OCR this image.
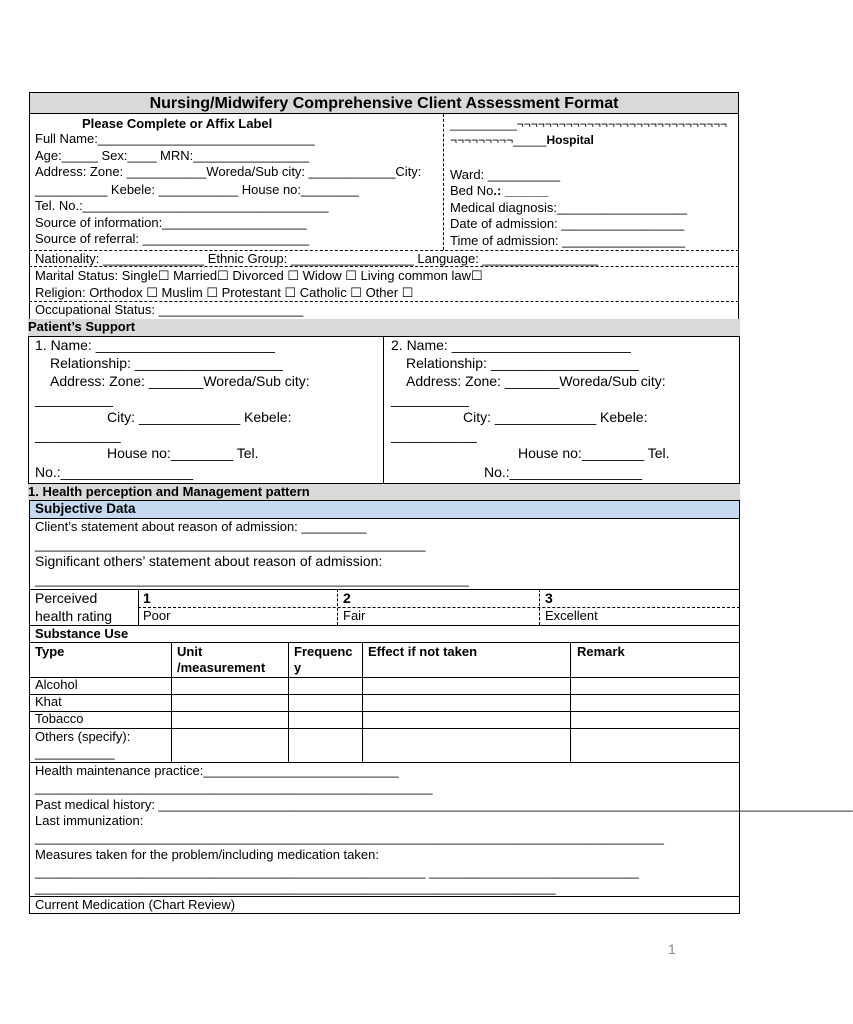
Nursing/Midwifery Comprehensive Client Assessment Format
Please Complete or Affix Label
Full Name:______________________________
Age:_____ Sex:____ MRN:________________
Address: Zone: ___________Woreda/Sub city: ____________City:
__________ Kebele: ___________ House no:________
Tel. No.:__________________________________
Source of information:____________________
Source of referral: _______________________
__________¬¬¬¬¬¬¬¬¬¬¬¬¬¬¬¬¬¬¬¬¬¬¬¬¬¬¬¬¬¬
¬¬¬¬¬¬¬¬¬_____Hospital
Ward: __________
Bed No.: ______
Medical diagnosis:__________________
Date of admission: _________________
Time of admission: _________________
Nationality: ______________ Ethnic Group: _________________ Language: ________________
Marital Status: Single☐ Married☐ Divorced ☐ Widow ☐ Living common law☐
Religion: Orthodox ☐ Muslim ☐ Protestant ☐ Catholic ☐ Other ☐
Occupational Status: ____________________
Patient’s Support
1. Name: _______________________
Relationship: ___________________
Address: Zone: _______Woreda/Sub city:
__________
City: _____________ Kebele:
___________
House no:________ Tel.
No.:_________________
2. Name: _______________________
Relationship: ___________________
Address: Zone: _______Woreda/Sub city:
__________
City: _____________ Kebele:
___________
House no:________ Tel.
No.:_________________
1. Health perception and Management pattern
Subjective Data
Client’s statement about reason of admission: _________
______________________________________________________
Significant others’ statement about reason of admission:
____________________________________________________________
Perceived
health rating
1
Poor
2
Fair
3
Excellent
Substance Use
Type	Unit /measurement
Frequenc y
Effect if not taken	Remark
Alcohol
Khat
Tobacco
Others (specify):
___________
Health maintenance practice:___________________________
_______________________________________________________
Past medical history: ________________________________________________________________________________________________
Last immunization:
_______________________________________________________________________________________
Measures taken for the problem/including medication taken:
______________________________________________________ _____________________________
________________________________________________________________________
Current Medication (Chart Review)
1
